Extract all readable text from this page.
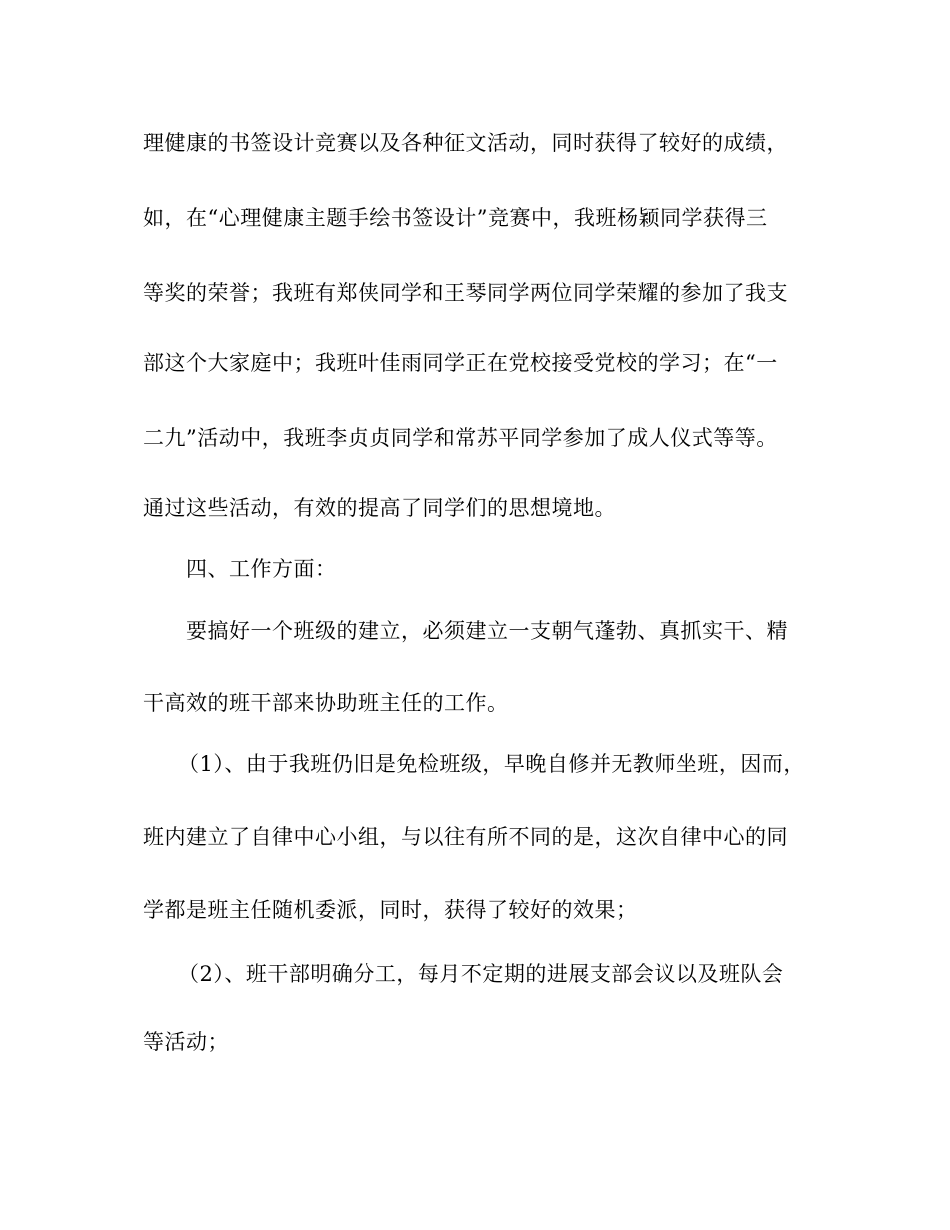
理健康的书签设计竞赛以及各种征文活动，同时获得了较好的成绩，
如，在“心理健康主题手绘书签设计”竞赛中，我班杨颖同学获得三
等奖的荣誉；我班有郑侠同学和王琴同学两位同学荣耀的参加了我支
部这个大家庭中；我班叶佳雨同学正在党校接受党校的学习；在“一
二九”活动中，我班李贞贞同学和常苏平同学参加了成人仪式等等。
通过这些活动，有效的提高了同学们的思想境地。
四、工作方面：
要搞好一个班级的建立，必须建立一支朝气蓬勃、真抓实干、精
干高效的班干部来协助班主任的工作。
（1）、由于我班仍旧是免检班级，早晚自修并无教师坐班，因而，
班内建立了自律中心小组，与以往有所不同的是，这次自律中心的同
学都是班主任随机委派，同时，获得了较好的效果；
（2）、班干部明确分工，每月不定期的进展支部会议以及班队会
等活动；
